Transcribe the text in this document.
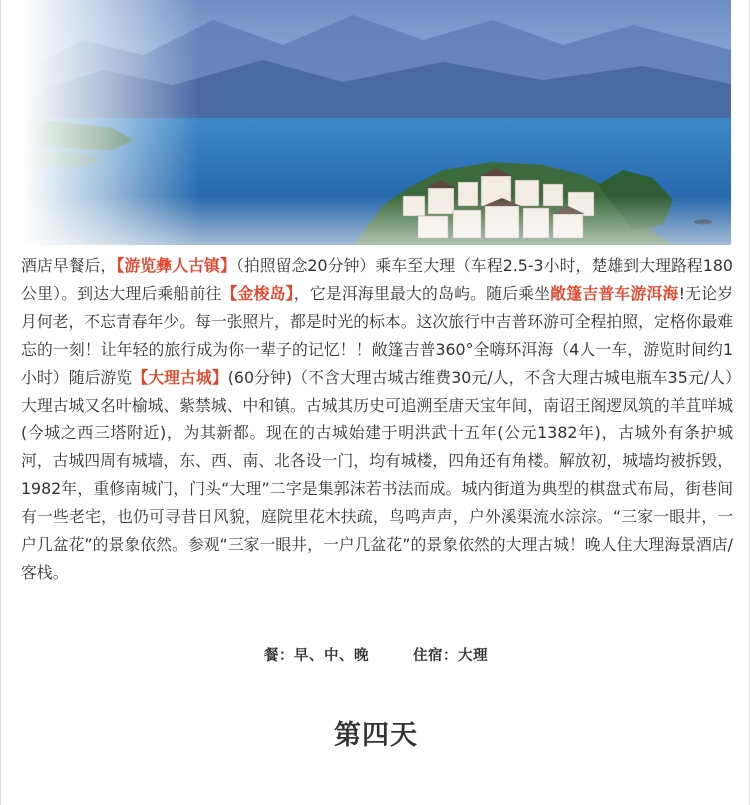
酒店早餐后，【游览彝人古镇】（拍照留念20分钟）乘车至大理（车程2.5-3小时，楚雄到大理路程180公里）。到达大理后乘船前往【金梭岛】，它是洱海里最大的岛屿。随后乘坐敞篷吉普车游洱海!无论岁月何老，不忘青春年少。每一张照片，都是时光的标本。这次旅行中吉普环游可全程拍照，定格你最难忘的一刻！让年轻的旅行成为你一辈子的记忆！！敞篷吉普360°全嗨环洱海（4人一车，游览时间约1小时）随后游览【大理古城】(60分钟)（不含大理古城古维费30元/人，不含大理古城电瓶车35元/人）大理古城又名叶榆城、紫禁城、中和镇。古城其历史可追溯至唐天宝年间，南诏王阁逻凤筑的羊苴咩城(今城之西三塔附近)，为其新都。现在的古城始建于明洪武十五年(公元1382年)，古城外有条护城河，古城四周有城墙，东、西、南、北各设一门，均有城楼，四角还有角楼。解放初，城墙均被拆毁，1982年，重修南城门，门头“大理”二字是集郭沫若书法而成。城内街道为典型的棋盘式布局，街巷间有一些老宅，也仍可寻昔日风貌，庭院里花木扶疏，鸟鸣声声，户外溪渠流水淙淙。“三家一眼井，一户几盆花”的景象依然。参观“三家一眼井，一户几盆花”的景象依然的大理古城！晚人住大理海景酒店/客栈。
餐：早、中、晚	住宿：大理
第四天
